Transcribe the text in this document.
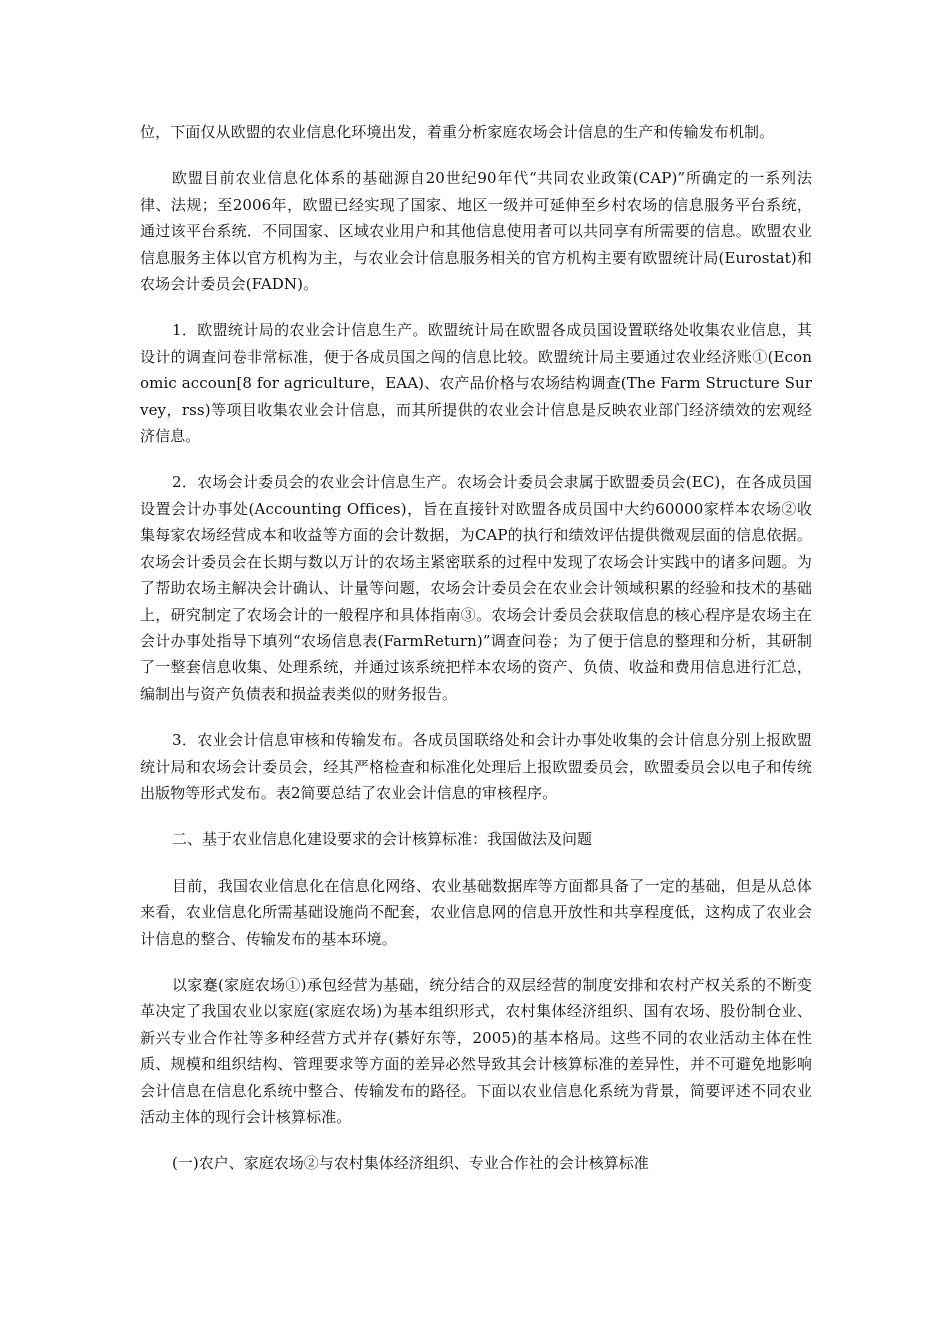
位，下面仅从欧盟的农业信息化环境出发，着重分析家庭农场会计信息的生产和传输发布机制。

欧盟目前农业信息化体系的基础源自20世纪90年代“共同农业政策(CAP)”所确定的一系列法律、法规；至2006年，欧盟已经实现了国家、地区一级并可延伸至乡村农场的信息服务平台系统，通过该平台系统．不同国家、区域农业用户和其他信息使用者可以共同享有所需要的信息。欧盟农业信息服务主体以官方机构为主，与农业会计信息服务相关的官方机构主要有欧盟统计局(Eurostat)和农场会计委员会(FADN)。

1．欧盟统计局的农业会计信息生产。欧盟统计局在欧盟各成员国设置联络处收集农业信息，其设计的调查问卷非常标准，便于各成员国之闯的信息比较。欧盟统计局主要通过农业经济账①(Economic accoun[8 for agriculture，EAA)、农产品价格与农场结构调查(The Farm Structure Survey，rss)等项目收集农业会计信息，而其所提供的农业会计信息是反映农业部门经济绩效的宏观经济信息。

2．农场会计委员会的农业会计信息生产。农场会计委员会隶属于欧盟委员会(EC)，在各成员国设置会计办事处(Accounting Offices)，旨在直接针对欧盟各成员国中大约60000家样本农场②收集每家农场经营成本和收益等方面的会计数据，为CAP的执行和绩效评估提供微观层面的信息依据。农场会计委员会在长期与数以万计的农场主紧密联系的过程中发现了农场会计实践中的诸多问题。为了帮助农场主解决会计确认、计量等问题，农场会计委员会在农业会计领域积累的经验和技术的基础上，研究制定了农场会计的一般程序和具体指南③。农场会计委员会获取信息的核心程序是农场主在会计办事处指导下填列“农场信息表(FarmReturn)”调查问卷；为了便于信息的整理和分析，其研制了一整套信息收集、处理系统，并通过该系统把样本农场的资产、负债、收益和费用信息进行汇总，编制出与资产负债表和损益表类似的财务报告。

3．农业会计信息审核和传输发布。各成员国联络处和会计办事处收集的会计信息分别上报欧盟统计局和农场会计委员会，经其严格检查和标准化处理后上报欧盟委员会，欧盟委员会以电子和传统出版物等形式发布。表2简要总结了农业会计信息的审核程序。

二、基于农业信息化建设要求的会计核算标准：我国做法及问题

目前，我国农业信息化在信息化网络、农业基础数据库等方面都具备了一定的基础，但是从总体来看，农业信息化所需基础设施尚不配套，农业信息网的信息开放性和共享程度低，这构成了农业会计信息的整合、传输发布的基本环境。

以家蹇(家庭农场①)承包经营为基础，统分结合的双层经营的制度安排和农村产权关系的不断变革决定了我国农业以家庭(家庭农场)为基本组织形式，农村集体经济组织、国有农场、股份制仓业、新兴专业合作社等多种经营方式并存(綦好东等，2005)的基本格局。这些不同的农业活动主体在性质、规模和组织结构、管理要求等方面的差异必然导致其会计核算标准的差异性，并不可避免地影响会计信息在信息化系统中整合、传输发布的路径。下面以农业信息化系统为背景，简要评述不同农业活动主体的现行会计核算标准。

(一)农户、家庭农场②与农村集体经济组织、专业合作社的会计核算标准
